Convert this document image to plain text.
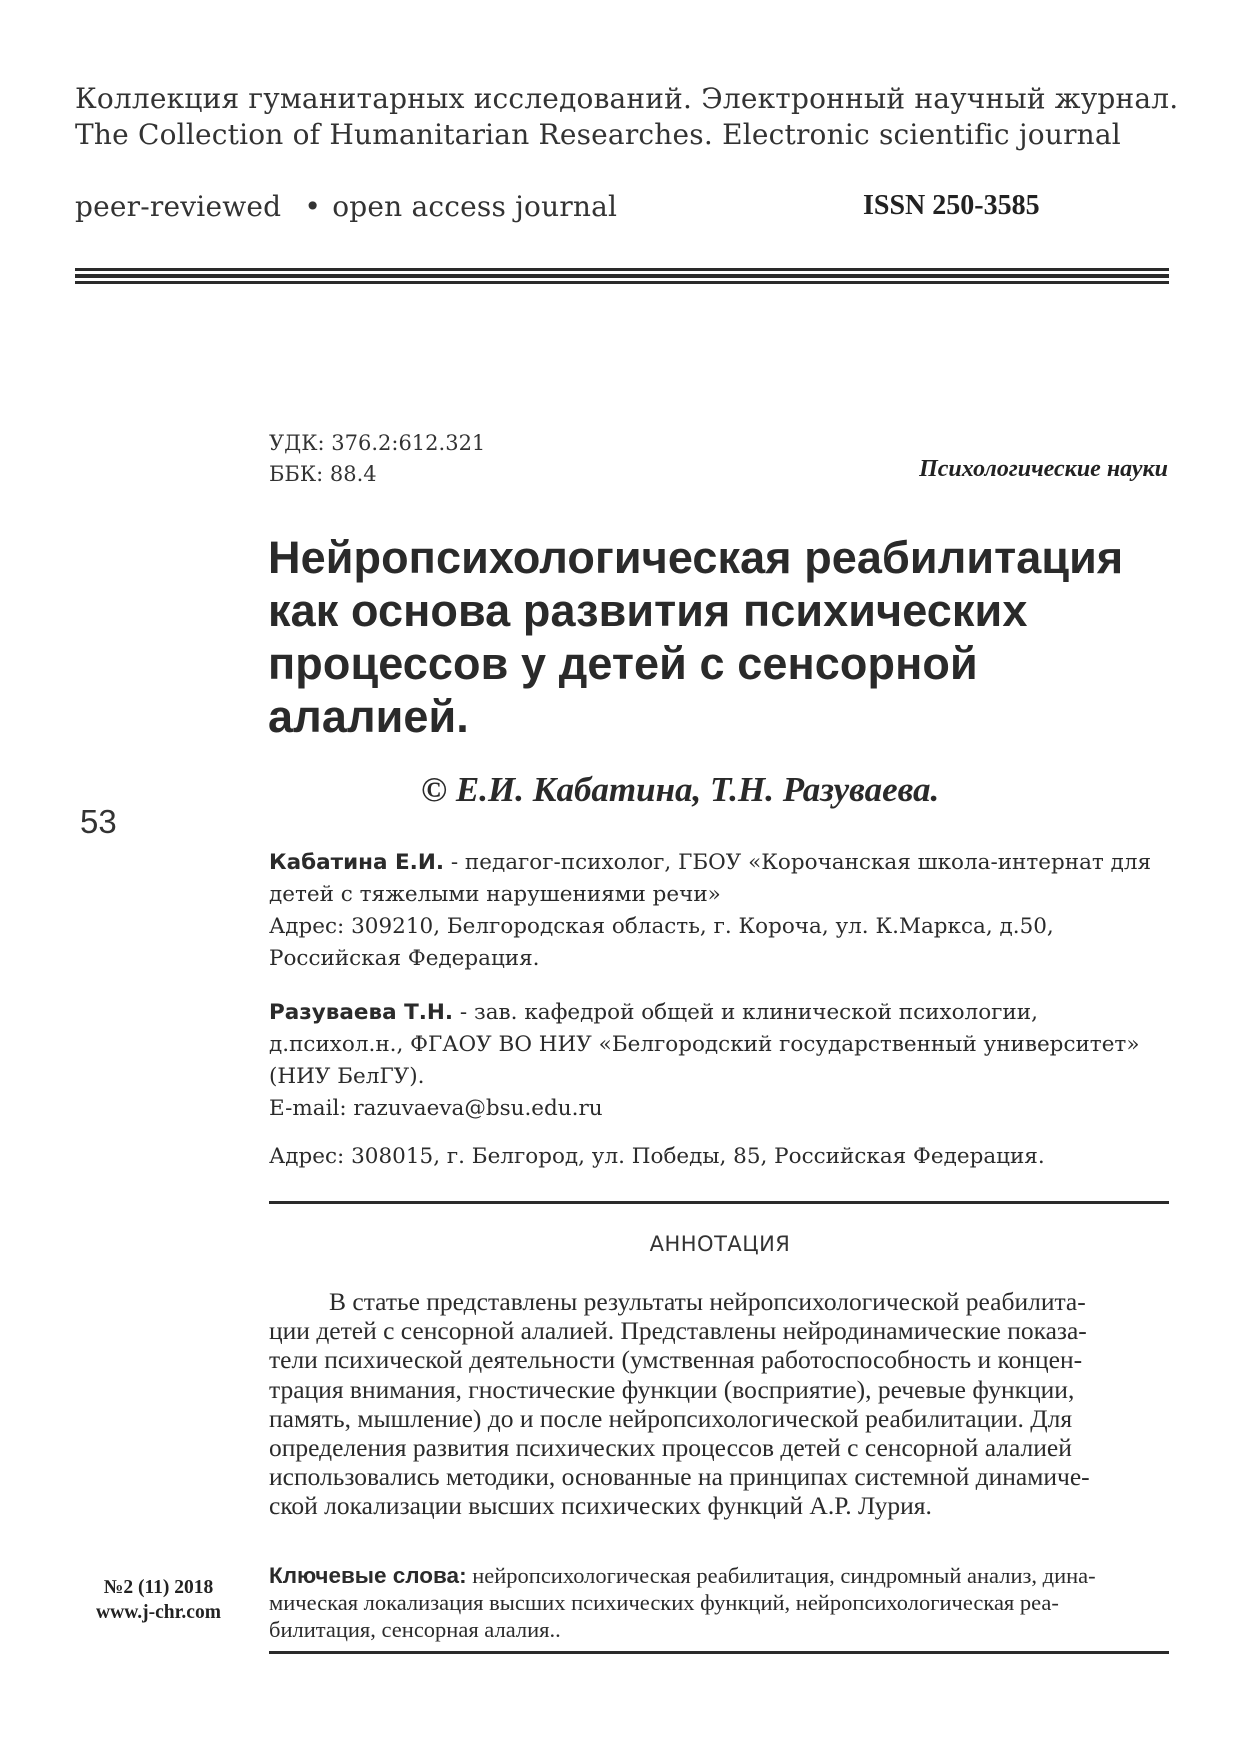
Коллекция гуманитарных исследований. Электронный научный журнал.
The Collection of Humanitarian Researches. Electronic scientific journal
peer-reviewed • open access journal	ISSN 250-3585
УДК: 376.2:612.321
ББК: 88.4	Психологические науки
Нейропсихологическая реабилитация
как основа развития психических
процессов у детей с сенсорной
алалией.
© Е.И. Кабатина, Т.Н. Разуваева.
53
Кабатина Е.И. - педагог-психолог, ГБОУ «Корочанская школа-интернат для
детей с тяжелыми нарушениями речи»
Адрес: 309210, Белгородская область, г. Короча, ул. К.Маркса, д.50,
Российская Федерация.
Разуваева Т.Н. - зав. кафедрой общей и клинической психологии,
д.психол.н., ФГАОУ ВО НИУ «Белгородский государственный университет»
(НИУ БелГУ).
E-mail: razuvaeva@bsu.edu.ru
Адрес: 308015, г. Белгород, ул. Победы, 85, Российская Федерация.
АННОТАЦИЯ

В статье представлены результаты нейропсихологической реабилита-

ции детей с сенсорной алалией. Представлены нейродинамические показа-

тели психической деятельности (умственная работоспособность и концен-

трация внимания, гностические функции (восприятие), речевые функции,

память, мышление) до и после нейропсихологической реабилитации. Для

определения развития психических процессов детей с сенсорной алалией

использовались методики, основанные на принципах системной динамиче-

ской локализации высших психических функций А.Р. Лурия.

Ключевые слова: нейропсихологическая реабилитация, синдромный анализ, дина-
мическая локализация высших психических функций, нейропсихологическая реа-
билитация, сенсорная алалия..
№2 (11) 2018
www.j-chr.com
